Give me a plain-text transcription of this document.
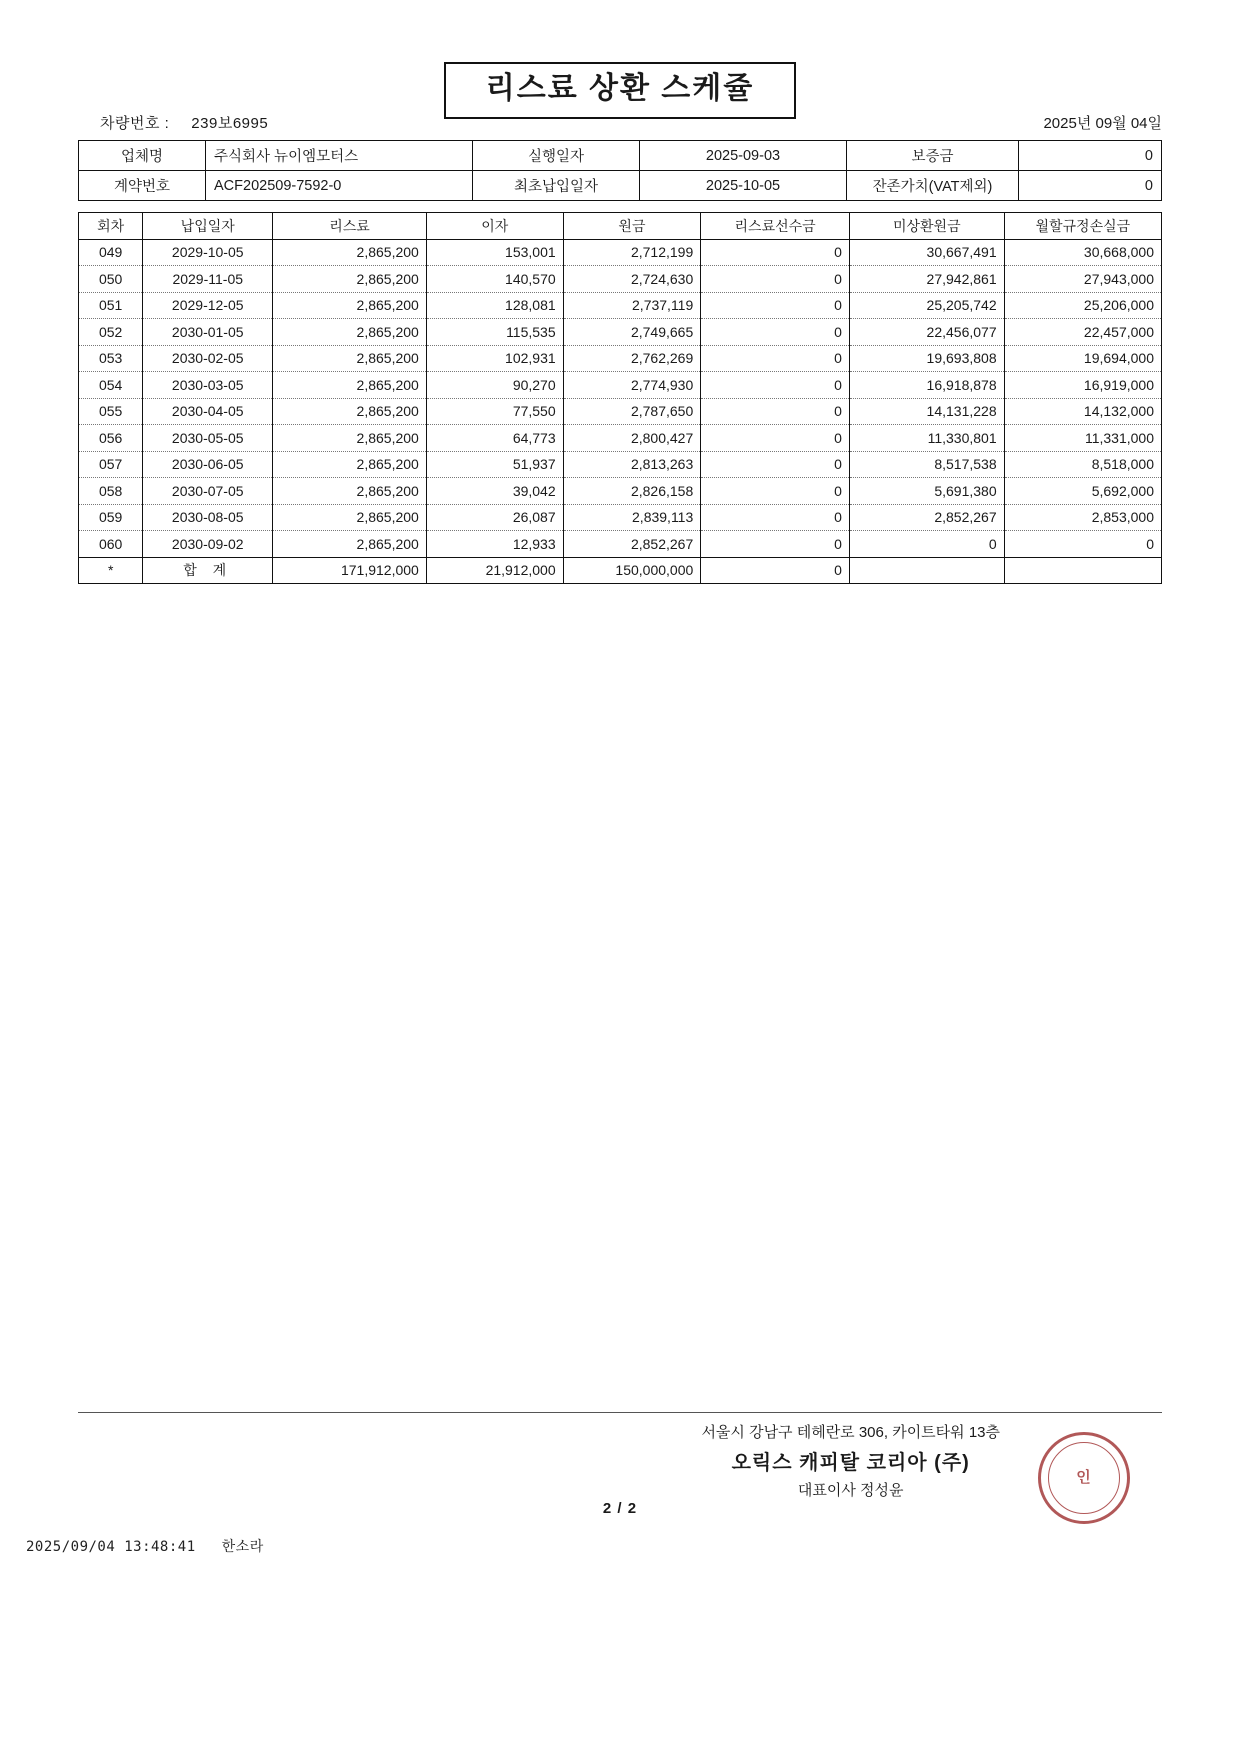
리스료 상환 스케쥴
차량번호 : 239보6995	2025년 09월 04일
업체명	주식회사 뉴이엠모터스	실행일자	2025-09-03	보증금	0
계약번호	ACF202509-7592-0	최초납입일자	2025-10-05	잔존가치(VAT제외)	0
회차	납입일자	리스료	이자	원금	리스료선수금	미상환원금	월할규정손실금
049	2029-10-05	2,865,200	153,001	2,712,199	0	30,667,491	30,668,000
050	2029-11-05	2,865,200	140,570	2,724,630	0	27,942,861	27,943,000
051	2029-12-05	2,865,200	128,081	2,737,119	0	25,205,742	25,206,000
052	2030-01-05	2,865,200	115,535	2,749,665	0	22,456,077	22,457,000
053	2030-02-05	2,865,200	102,931	2,762,269	0	19,693,808	19,694,000
054	2030-03-05	2,865,200	90,270	2,774,930	0	16,918,878	16,919,000
055	2030-04-05	2,865,200	77,550	2,787,650	0	14,131,228	14,132,000
056	2030-05-05	2,865,200	64,773	2,800,427	0	11,330,801	11,331,000
057	2030-06-05	2,865,200	51,937	2,813,263	0	8,517,538	8,518,000
058	2030-07-05	2,865,200	39,042	2,826,158	0	5,691,380	5,692,000
059	2030-08-05	2,865,200	26,087	2,839,113	0	2,852,267	2,853,000
060	2030-09-02	2,865,200	12,933	2,852,267	0	0	0
*	합 계	171,912,000	21,912,000	150,000,000	0		
서울시 강남구 테헤란로 306, 카이트타워 13층
오릭스 캐피탈 코리아 (주)
대표이사 정성윤
인
2 / 2
2025/09/04 13:48:41 한소라
